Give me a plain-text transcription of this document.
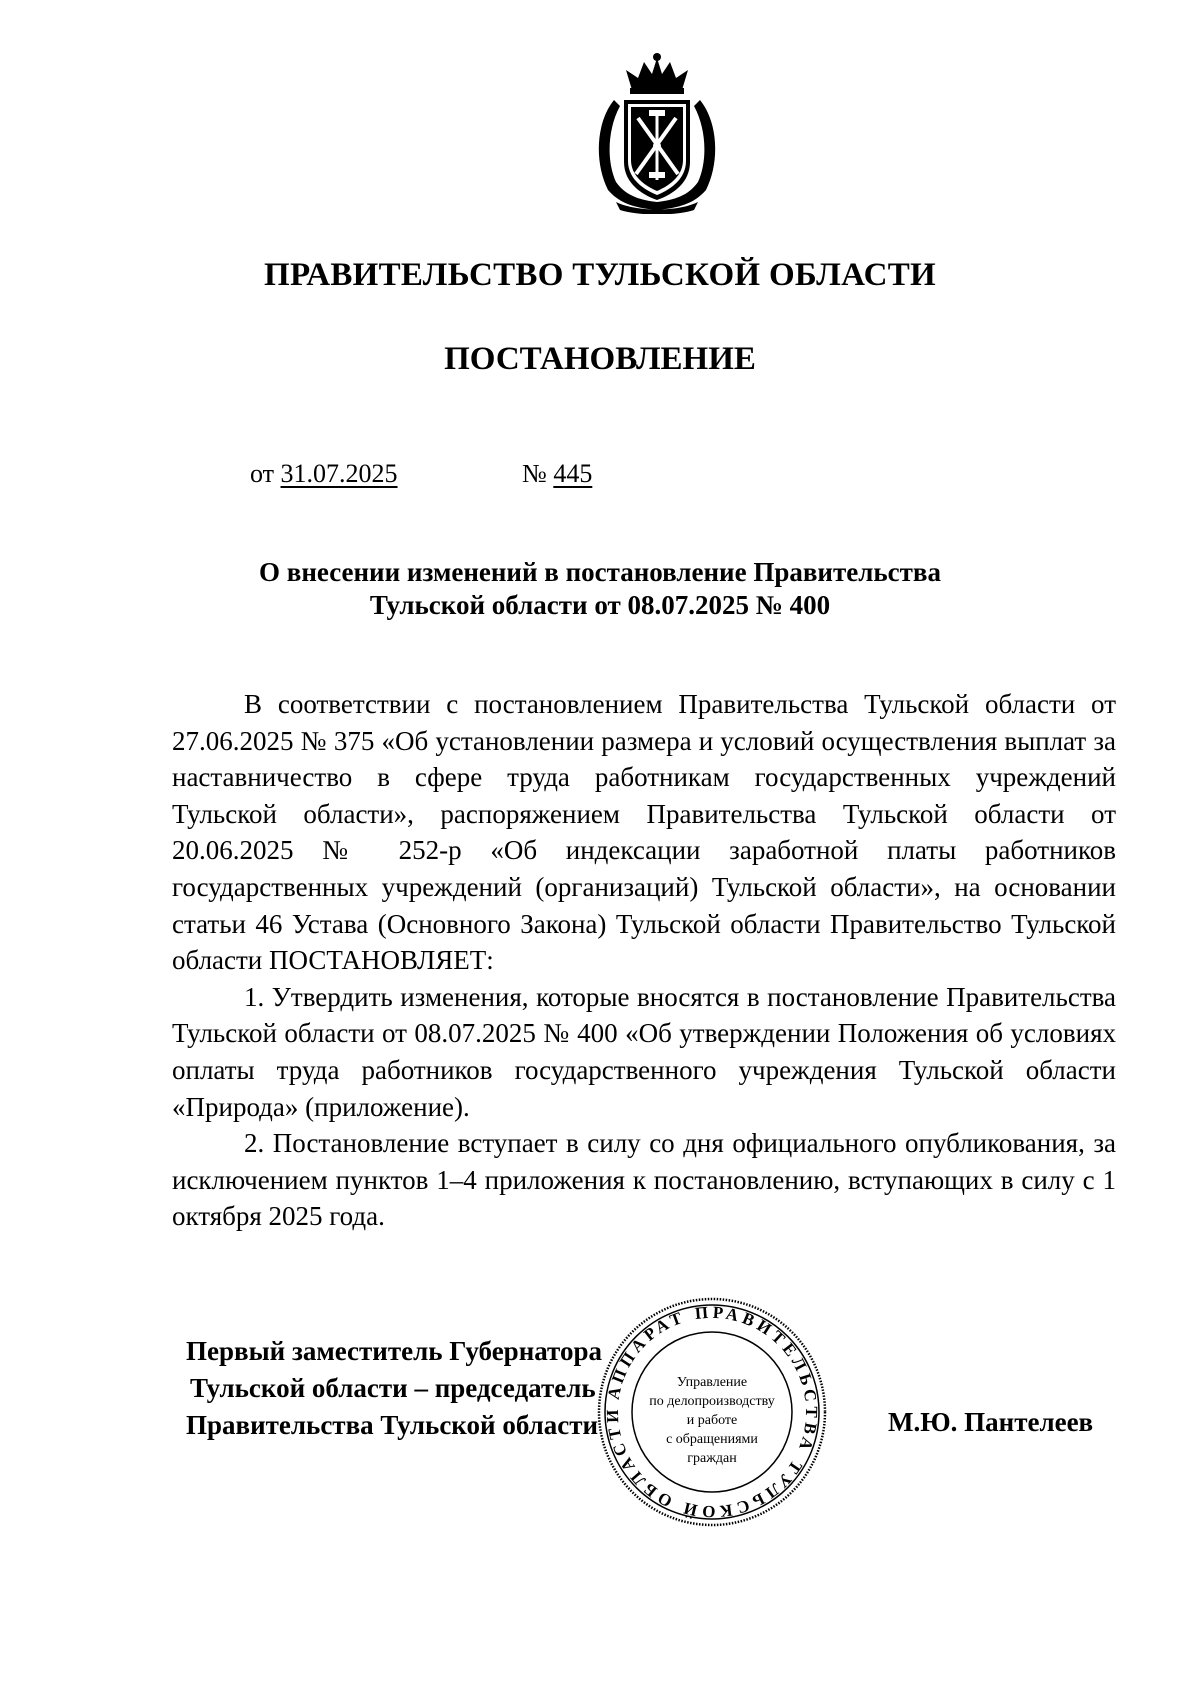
ПРАВИТЕЛЬСТВО ТУЛЬСКОЙ ОБЛАСТИ
ПОСТАНОВЛЕНИЕ
от 31.07.2025	№ 445
О внесении изменений в постановление Правительства
Тульской области от 08.07.2025 № 400

В соответствии с постановлением Правительства Тульской области от 27.06.2025 № 375 «Об установлении размера и условий осуществления выплат за наставничество в сфере труда работникам государственных учреждений Тульской области», распоряжением Правительства Тульской области от 20.06.2025 № 252-р «Об индексации заработной платы работников государственных учреждений (организаций) Тульской области», на основании статьи 46 Устава (Основного Закона) Тульской области Правительство Тульской области ПОСТАНОВЛЯЕТ:

1. Утвердить изменения, которые вносятся в постановление Правительства Тульской области от 08.07.2025 № 400 «Об утверждении Положения об условиях оплаты труда работников государственного учреждения Тульской области «Природа» (приложение).

2. Постановление вступает в силу со дня официального опубликования, за исключением пунктов 1–4 приложения к постановлению, вступающих в силу с 1 октября 2025 года.

Первый заместитель Губернатора
Тульской области – председатель
Правительства Тульской области	М.Ю. Пантелеев
АППАРАТ ПРАВИТЕЛЬСТВА ТУЛЬСКОЙ ОБЛАСТИ
Управление
по делопроизводству
и работе
с обращениями
граждан
